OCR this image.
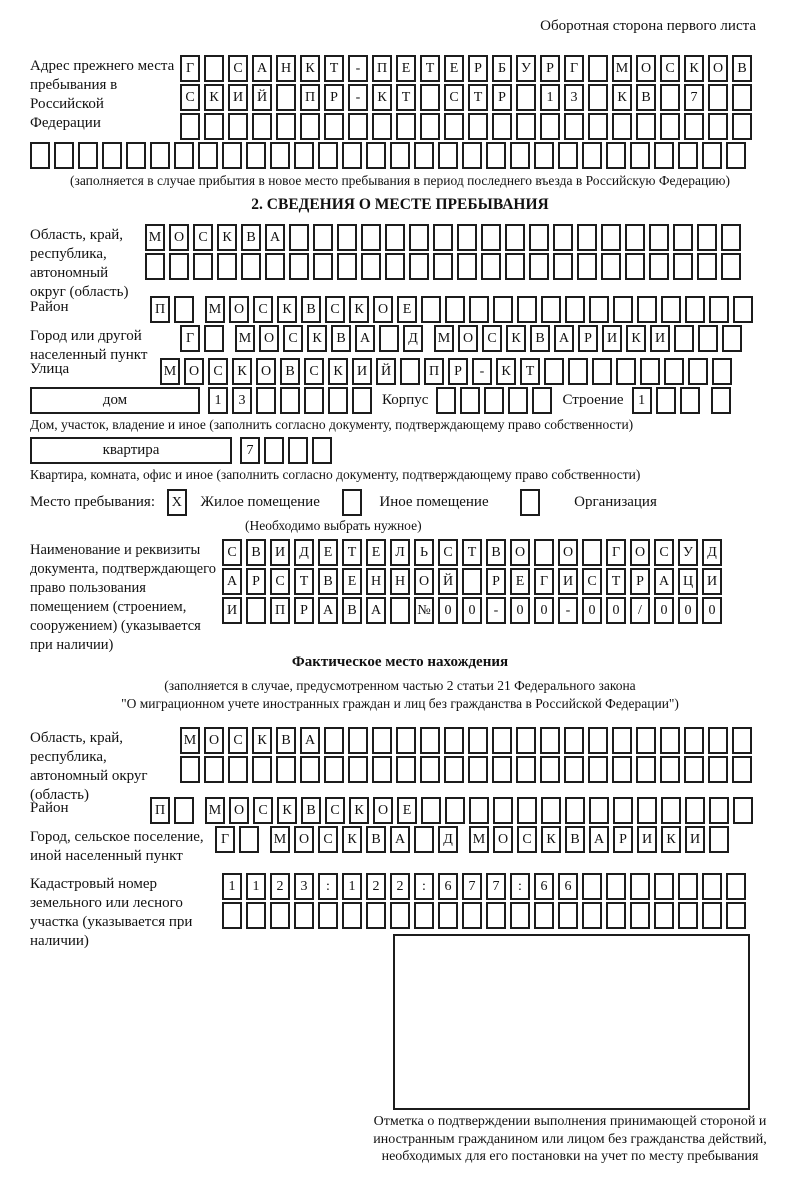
Оборотная сторона первого листа
Адрес прежнего места пребывания в Российской Федерации
Г	С А Н К Т - П Е Т Е Р Б У Р Г	М О С К О В
С К И Й	П Р - К Т	С Т Р	1 3	К В	7
(заполняется в случае прибытия в новое место пребывания в период последнего въезда в Российскую Федерацию)
2. СВЕДЕНИЯ О МЕСТЕ ПРЕБЫВАНИЯ
Область, край, республика, автономный округ (область)
М О С К В А
Район	П	М О С К В С К О Е
Город или другой населенный пункт
Г	М О С К В А	Д М О С К В А Р И К И
Улица	М О С К О В С К И Й	П Р - К Т
дом	1 3	Корпус	Строение 1
Дом, участок, владение и иное (заполнить согласно документу, подтверждающему право собственности)
квартира	7
Квартира, комната, офис и иное (заполнить согласно документу, подтверждающему право собственности)
Место пребывания: X Жилое помещение	Иное помещение	Организация
(Необходимо выбрать нужное)
Наименование и реквизиты документа, подтверждающего право пользования помещением (строением, сооружением) (указывается при наличии)
С В И Д Е Т Е Л Ь С Т В О	О	Г О С У Д
А Р С Т В Е Н Н О Й	Р Е Г И С Т Р А Ц И
И	П Р А В А	№ 0 0 - 0 0 - 0 0 / 0 0 0
Фактическое место нахождения
(заполняется в случае, предусмотренном частью 2 статьи 21 Федерального закона
"О миграционном учете иностранных граждан и лиц без гражданства в Российской Федерации")
Область, край, республика, автономный округ (область)
М О С К В А
Район	П	М О С К В С К О Е
Город, сельское поселение, иной населенный пункт
Г	М О С К В А	Д М О С К В А Р И К И
Кадастровый номер земельного или лесного участка (указывается при наличии)
1 1 2 3 : 1 2 2 : 6 7 7 : 6 6
Отметка о подтверждении выполнения принимающей стороной и иностранным гражданином или лицом без гражданства действий, необходимых для его постановки на учет по месту пребывания
